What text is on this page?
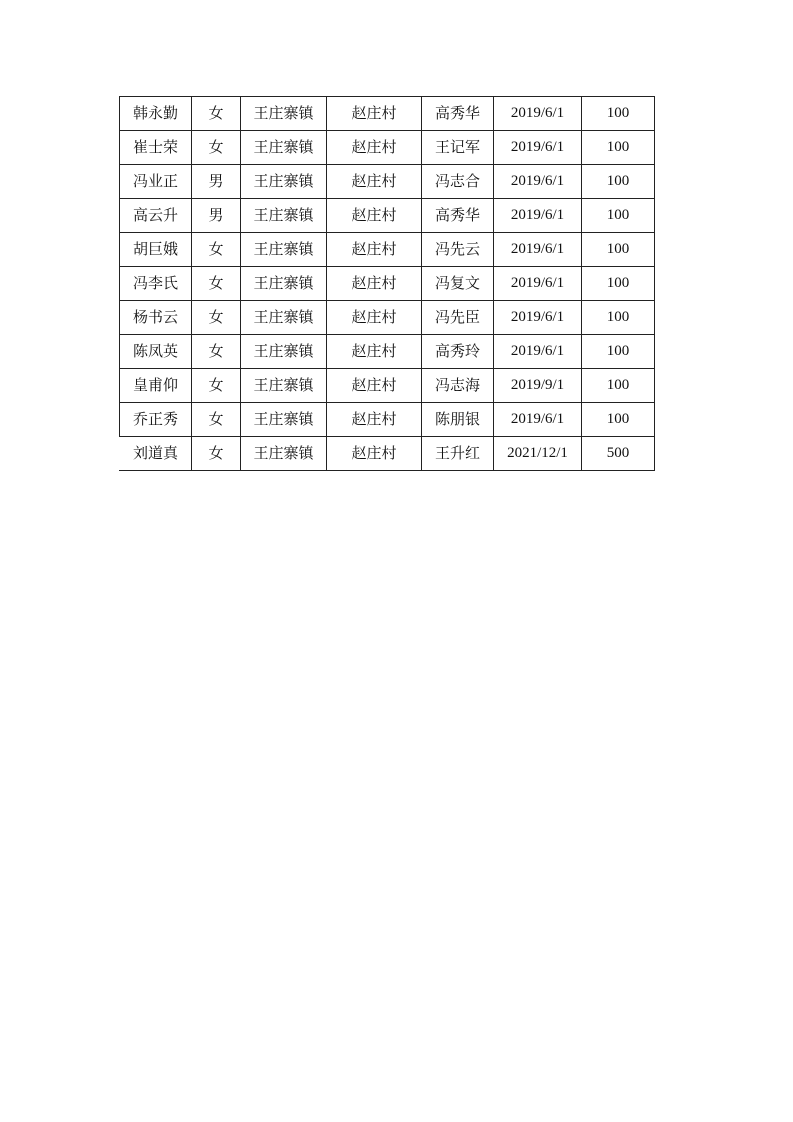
韩永勤	女	王庄寨镇	赵庄村	高秀华	2019/6/1	100
崔士荣	女	王庄寨镇	赵庄村	王记军	2019/6/1	100
冯业正	男	王庄寨镇	赵庄村	冯志合	2019/6/1	100
高云升	男	王庄寨镇	赵庄村	高秀华	2019/6/1	100
胡巨娥	女	王庄寨镇	赵庄村	冯先云	2019/6/1	100
冯李氏	女	王庄寨镇	赵庄村	冯复文	2019/6/1	100
杨书云	女	王庄寨镇	赵庄村	冯先臣	2019/6/1	100
陈凤英	女	王庄寨镇	赵庄村	高秀玲	2019/6/1	100
皇甫仰	女	王庄寨镇	赵庄村	冯志海	2019/9/1	100
乔正秀	女	王庄寨镇	赵庄村	陈朋银	2019/6/1	100
刘道真	女	王庄寨镇	赵庄村	王升红	2021/12/1	500
